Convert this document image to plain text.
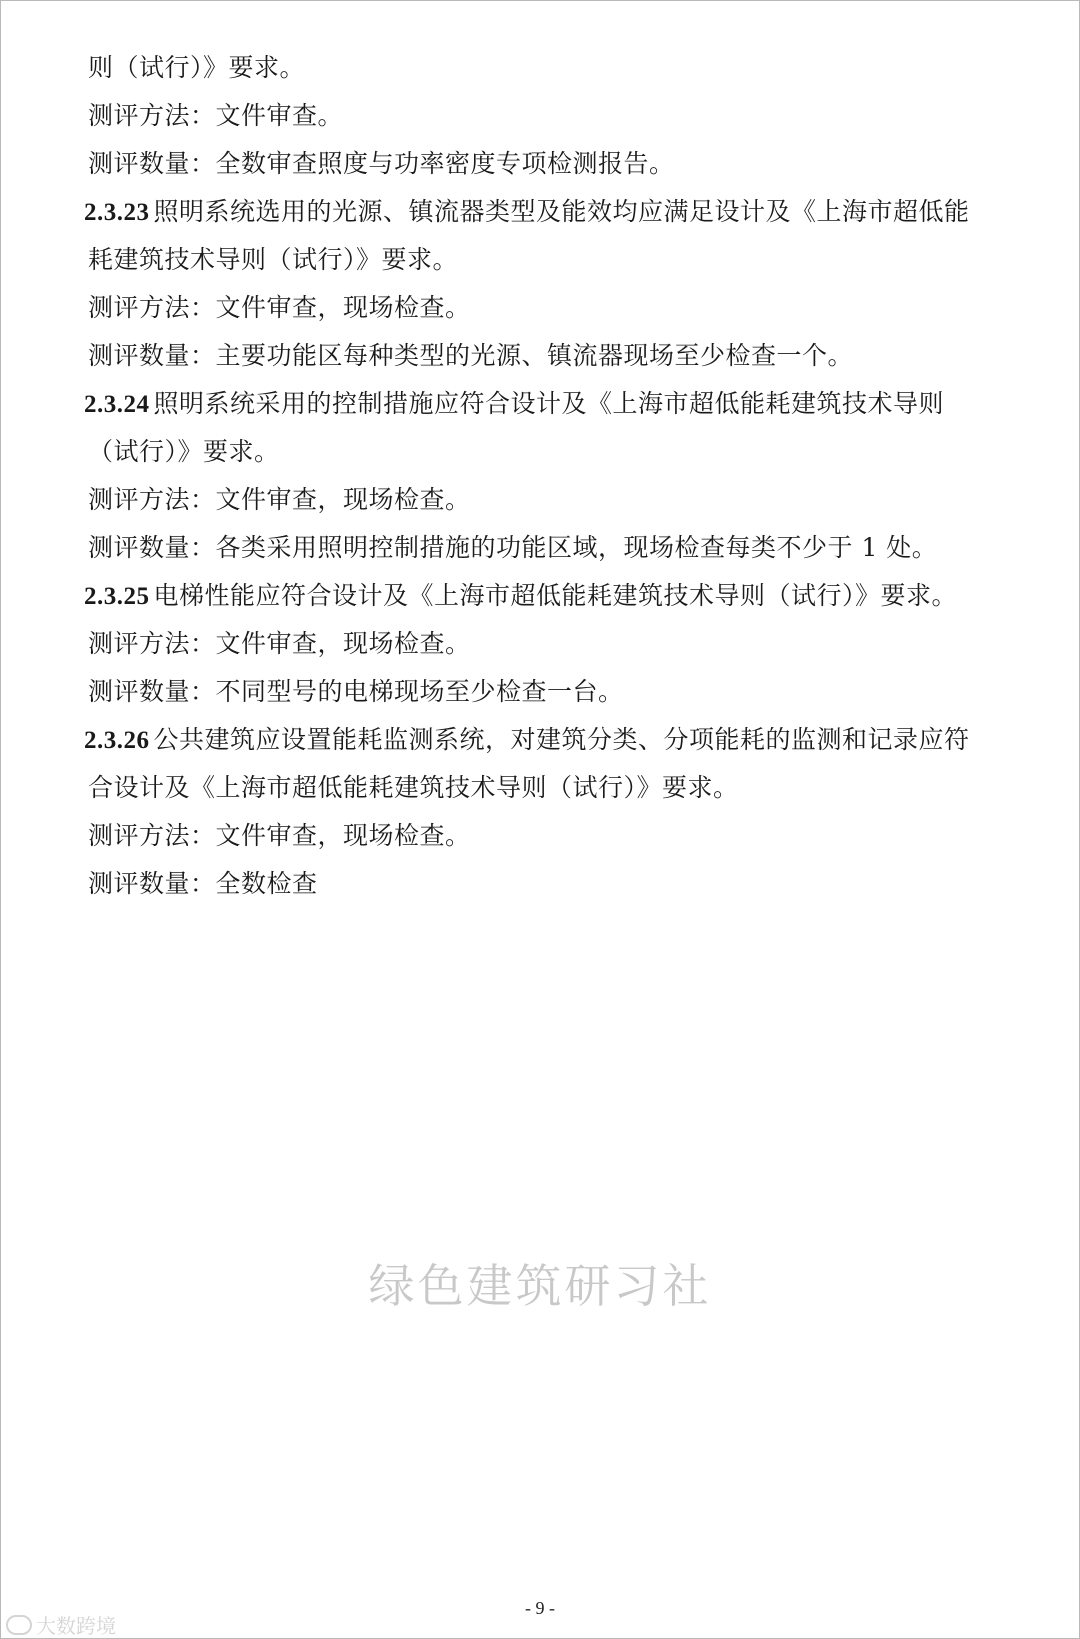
则（试行）》要求。
测评方法：文件审查。
测评数量：全数审查照度与功率密度专项检测报告。
2.3.23 照明系统选用的光源、镇流器类型及能效均应满足设计及《上海市超低能
耗建筑技术导则（试行）》要求。
测评方法：文件审查，现场检查。
测评数量：主要功能区每种类型的光源、镇流器现场至少检查一个。
2.3.24 照明系统采用的控制措施应符合设计及《上海市超低能耗建筑技术导则
（试行）》要求。
测评方法：文件审查，现场检查。
测评数量：各类采用照明控制措施的功能区域，现场检查每类不少于 1 处。
2.3.25 电梯性能应符合设计及《上海市超低能耗建筑技术导则（试行）》要求。
测评方法：文件审查，现场检查。
测评数量：不同型号的电梯现场至少检查一台。
2.3.26 公共建筑应设置能耗监测系统，对建筑分类、分项能耗的监测和记录应符
合设计及《上海市超低能耗建筑技术导则（试行）》要求。
测评方法：文件审查，现场检查。
测评数量：全数检查
绿色建筑研习社
- 9 -
大数跨境
